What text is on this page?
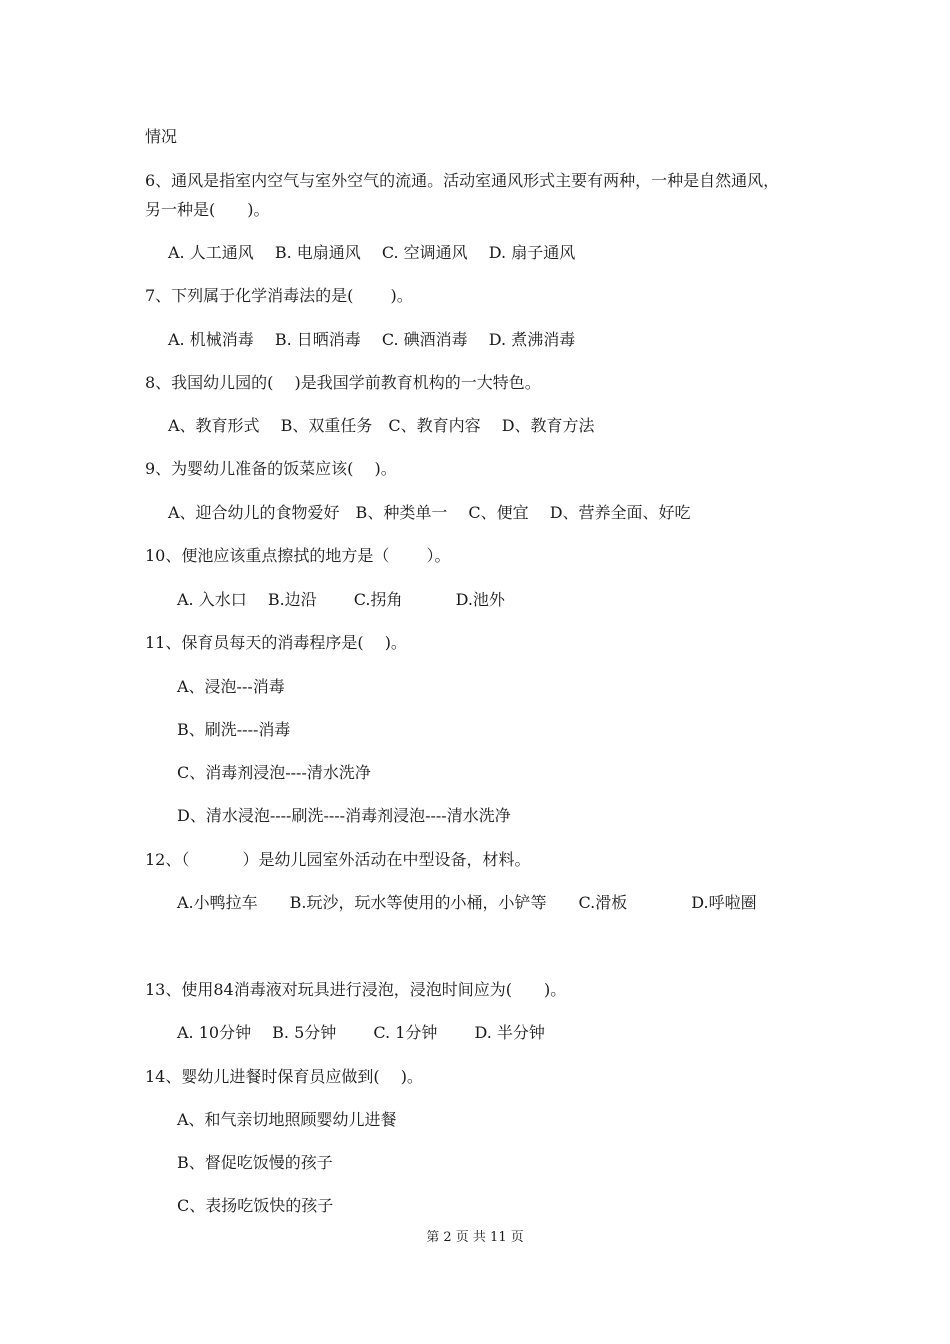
情况
6、通风是指室内空气与室外空气的流通。活动室通风形式主要有两种，一种是自然通风，
另一种是(　　)。
A. 人工通风　 B. 电扇通风　 C. 空调通风　 D. 扇子通风
7、下列属于化学消毒法的是(　　 )。
A. 机械消毒　 B. 日晒消毒　 C. 碘酒消毒　 D. 煮沸消毒
8、我国幼儿园的(　 )是我国学前教育机构的一大特色。
A、教育形式　 B、双重任务　C、教育内容　 D、教育方法
9、为婴幼儿准备的饭菜应该(　 )。
A、迎合幼儿的食物爱好　B、种类单一　 C、便宜　 D、营养全面、好吃
10、便池应该重点擦拭的地方是（　　 ）。
A. 入水口　 B.边沿　　 C.拐角　　　 D.池外
11、保育员每天的消毒程序是(　 )。
A、浸泡---消毒
B、刷洗----消毒
C、消毒剂浸泡----清水洗净
D、清水浸泡----刷洗----消毒剂浸泡----清水洗净
12、（　　　 ）是幼儿园室外活动在中型设备，材料。
A.小鸭拉车　　B.玩沙，玩水等使用的小桶，小铲等　　C.滑板　　　　D.呼啦圈
13、使用84消毒液对玩具进行浸泡，浸泡时间应为(　　)。
A. 10分钟　 B. 5分钟　　 C. 1分钟　　 D. 半分钟
14、婴幼儿进餐时保育员应做到(　 )。
A、和气亲切地照顾婴幼儿进餐
B、督促吃饭慢的孩子
C、表扬吃饭快的孩子
第 2 页 共 11 页
